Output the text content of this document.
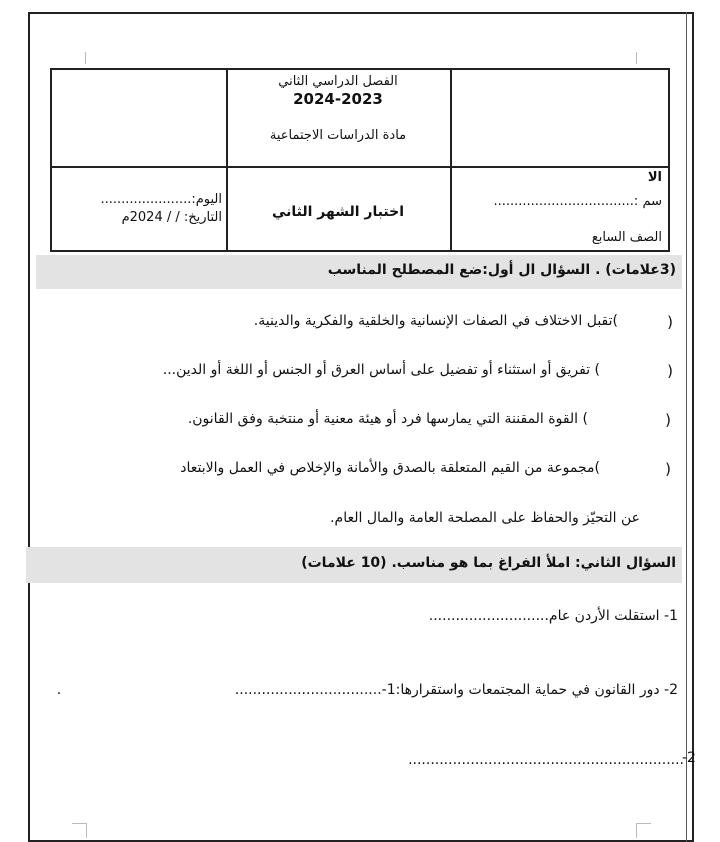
الفصل الدراسي الثاني
2024-2023
مادة الدراسات الاجتماعية
اختبار الشهر الثاني
الا
سم :..................................
الصف السابع
اليوم:......................
التاريخ: / / 2024م
(3علامات) . السؤال ال أول:ضع المصطلح المناسب
(
)تقبل الاختلاف في الصفات الإنسانية والخلقية والفكرية والدينية.
(
) تفريق أو استثناء أو تفضيل على أساس العرق أو الجنس أو اللغة أو الدين...
(
) القوة المقننة التي يمارسها فرد أو هيئة معنية أو منتخبة وفق القانون.
(
)مجموعة من القيم المتعلقة بالصدق والأمانة والإخلاص في العمل والابتعاد
عن التحيّز والحفاظ على المصلحة العامة والمال العام.
السؤال الثاني: املأ الفراغ بما هو مناسب. (10 علامات)
1- استقلت الأردن عام...........................
2- دور القانون في حماية المجتمعات واستقرارها:1-.................................
.
..............................................................
-2
